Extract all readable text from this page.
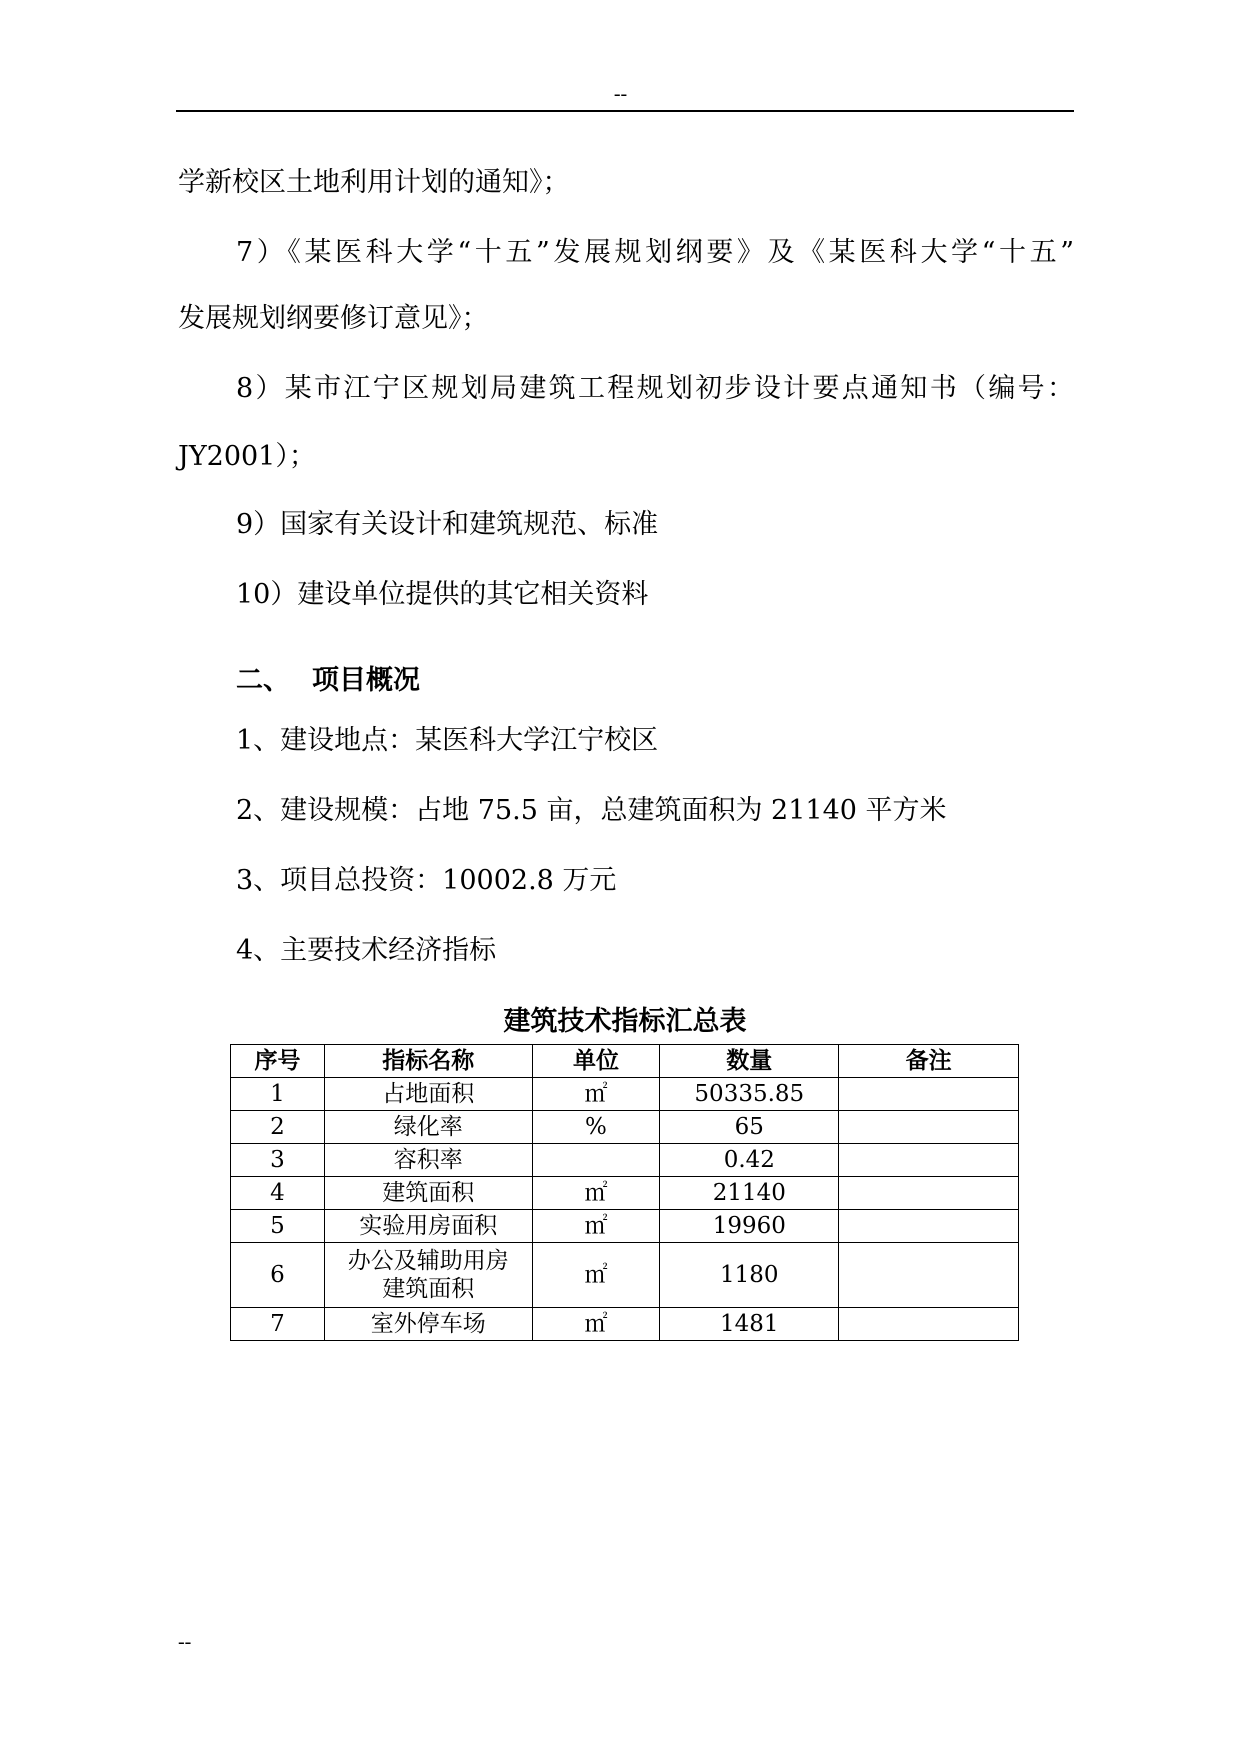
--
学新校区土地利用计划的通知》；
7）《某医科大学“十五”发展规划纲要》及《某医科大学“十五”
发展规划纲要修订意见》；
8）某市江宁区规划局建筑工程规划初步设计要点通知书（编号：
JY2001）；
9）国家有关设计和建筑规范、标准
10）建设单位提供的其它相关资料
二、 项目概况
1、建设地点：某医科大学江宁校区
2、建设规模：占地 75.5 亩，总建筑面积为 21140 平方米
3、项目总投资：10002.8 万元
4、主要技术经济指标
建筑技术指标汇总表
序号	指标名称	单位	数量	备注
1	占地面积	㎡	50335.85	
2	绿化率	%	65	
3	容积率		0.42	
4	建筑面积	㎡	21140	
5	实验用房面积	㎡	19960	
6	办公及辅助用房
建筑面积	㎡	1180	
7	室外停车场	㎡	1481	
--
